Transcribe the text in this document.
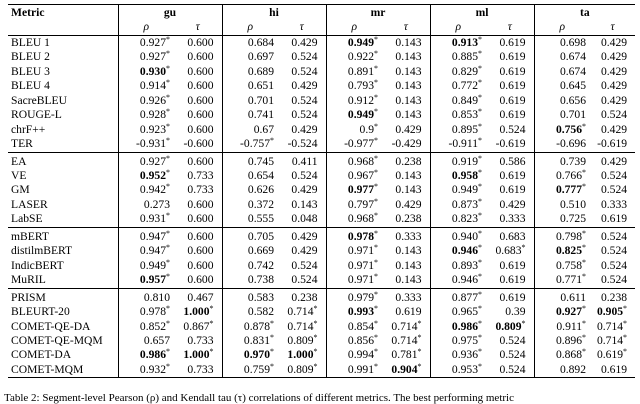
Metric	gu		hi		mr		ml		ta	
	ρ	τ	ρ	τ	ρ	τ	ρ	τ	ρ	τ
BLEU 1	0.927*	0.600	0.684	0.429	0.949*	0.143	0.913*	0.619	0.698	0.429
BLEU 2	0.927*	0.600	0.697	0.524	0.922*	0.143	0.885*	0.619	0.674	0.429
BLEU 3	0.930*	0.600	0.689	0.524	0.891*	0.143	0.829*	0.619	0.674	0.429
BLEU 4	0.914*	0.600	0.651	0.429	0.793*	0.143	0.772*	0.619	0.645	0.429
SacreBLEU	0.926*	0.600	0.701	0.524	0.912*	0.143	0.849*	0.619	0.656	0.429
ROUGE-L	0.928*	0.600	0.741	0.524	0.949*	0.143	0.853*	0.619	0.701	0.524
chrF++	0.923*	0.600	0.67	0.429	0.9*	0.429	0.895*	0.524	0.756*	0.429
TER	-0.931*	-0.600	-0.757*	-0.524	-0.977*	-0.429	-0.911*	-0.619	-0.696	-0.619
EA	0.927*	0.600	0.745	0.411	0.968*	0.238	0.919*	0.586	0.739	0.429
VE	0.952*	0.733	0.654	0.524	0.967*	0.143	0.958*	0.619	0.766*	0.524
GM	0.942*	0.733	0.626	0.429	0.977*	0.143	0.949*	0.619	0.777*	0.524
LASER	0.273	0.600	0.372	0.143	0.797*	0.429	0.873*	0.429	0.510	0.333
LabSE	0.931*	0.600	0.555	0.048	0.968*	0.238	0.823*	0.333	0.725	0.619
mBERT	0.947*	0.600	0.705	0.429	0.978*	0.333	0.940*	0.683	0.798*	0.524
distilmBERT	0.947*	0.600	0.669	0.429	0.971*	0.143	0.946*	0.683*	0.825*	0.524
IndicBERT	0.949*	0.600	0.742	0.524	0.971*	0.143	0.893*	0.619	0.758*	0.524
MuRIL	0.957*	0.600	0.738	0.524	0.971*	0.143	0.946*	0.619	0.771*	0.524
PRISM	0.810	0.467	0.583	0.238	0.979*	0.333	0.877*	0.619	0.611	0.238
BLEURT-20	0.978*	1.000*	0.582	0.714*	0.993*	0.619	0.965*	0.39	0.927*	0.905*
COMET-QE-DA	0.852*	0.867*	0.878*	0.714*	0.854*	0.714*	0.986*	0.809*	0.911*	0.714*
COMET-QE-MQM	0.657	0.733	0.831*	0.809*	0.856*	0.714*	0.975*	0.524	0.896*	0.714*
COMET-DA	0.986*	1.000*	0.970*	1.000*	0.994*	0.781*	0.936*	0.524	0.868*	0.619*
COMET-MQM	0.932*	0.733	0.759*	0.809*	0.991*	0.904*	0.953*	0.524	0.892	0.619
Table 2: Segment-level Pearson (ρ) and Kendall tau (τ) correlations of different metrics. The best performing metric
